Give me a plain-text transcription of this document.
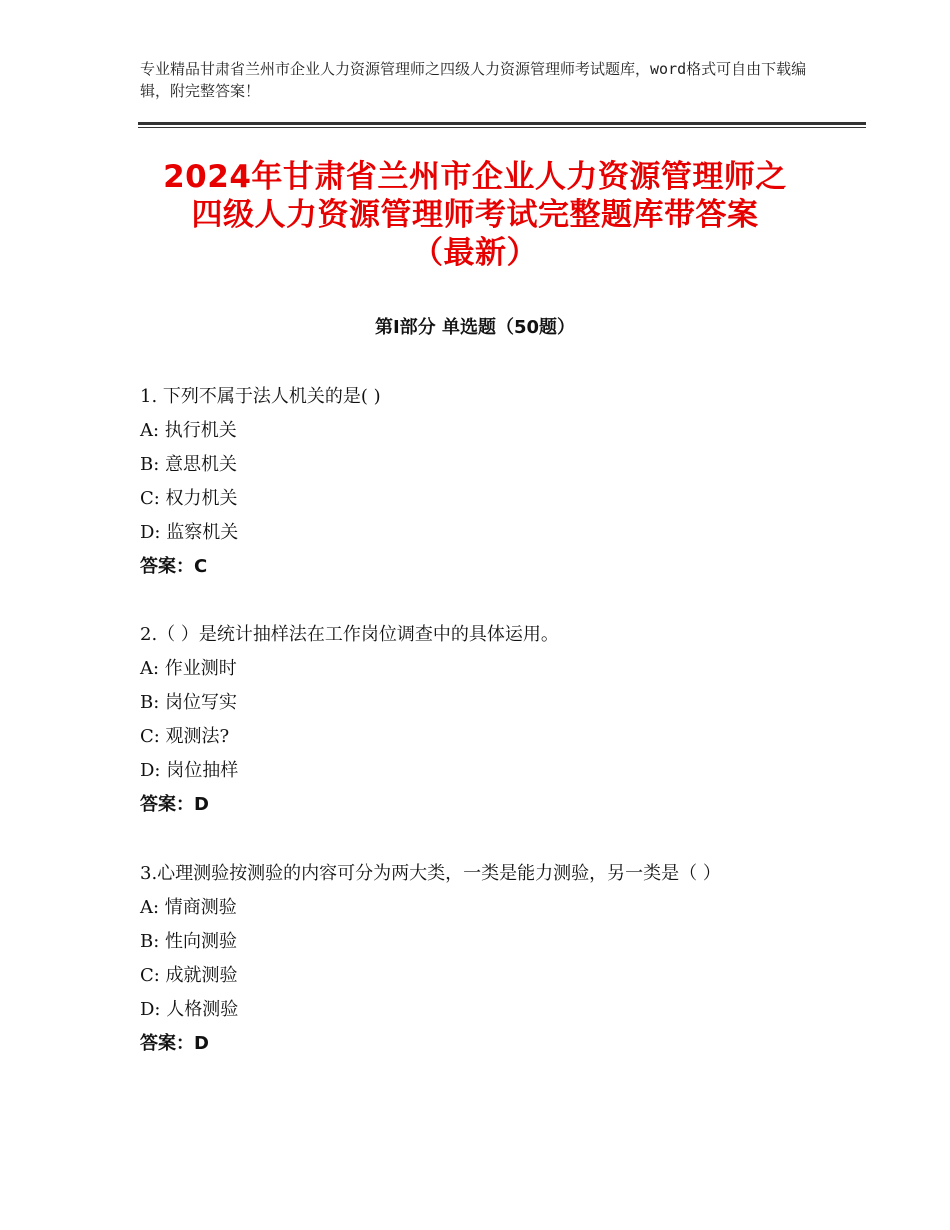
专业精品甘肃省兰州市企业人力资源管理师之四级人力资源管理师考试题库，word格式可自由下载编辑，附完整答案！
2024年甘肃省兰州市企业人力资源管理师之
四级人力资源管理师考试完整题库带答案
（最新）
第Ⅰ部分 单选题（50题）
1. 下列不属于法人机关的是( )
A: 执行机关
B: 意思机关
C: 权力机关
D: 监察机关
答案：C
2.（ ）是统计抽样法在工作岗位调查中的具体运用。
A: 作业测时
B: 岗位写实
C: 观测法?
D: 岗位抽样
答案：D
3.心理测验按测验的内容可分为两大类，一类是能力测验，另一类是（ ）
A: 情商测验
B: 性向测验
C: 成就测验
D: 人格测验
答案：D
